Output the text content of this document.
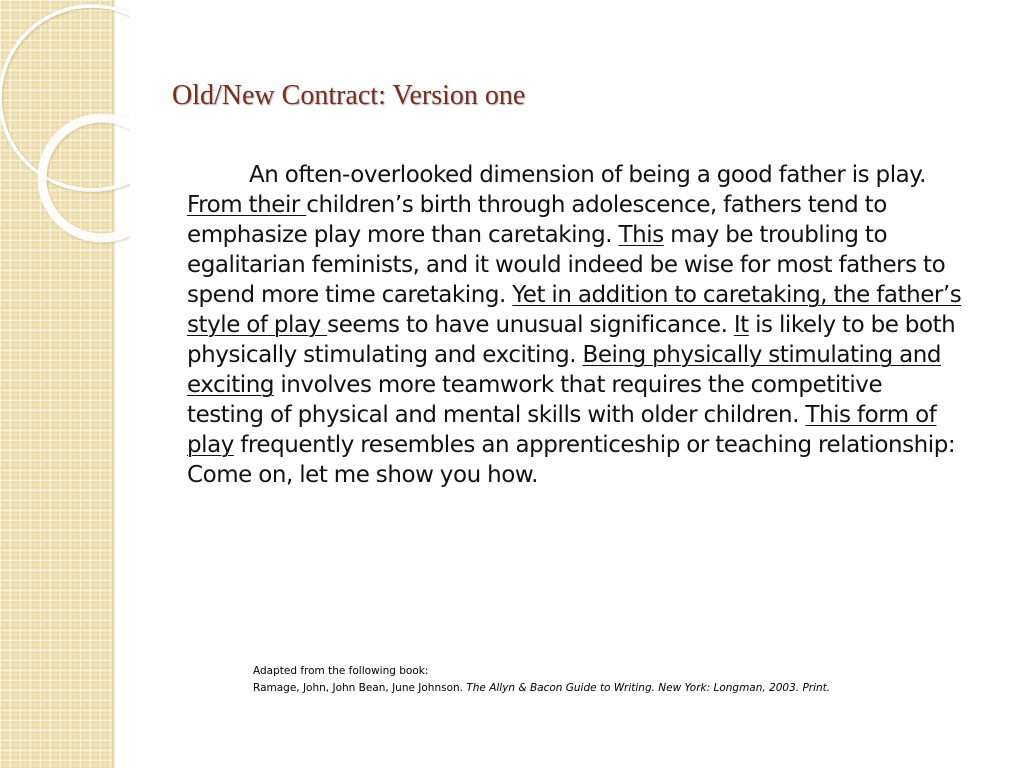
Old/New Contract: Version one

An often-overlooked dimension of being a good father is play. From their children’s birth through adolescence, fathers tend to emphasize play more than caretaking. This may be troubling to egalitarian feminists, and it would indeed be wise for most fathers to spend more time caretaking. Yet in addition to caretaking, the father’s style of play seems to have unusual significance. It is likely to be both physically stimulating and exciting. Being physically stimulating and exciting involves more teamwork that requires the competitive testing of physical and mental skills with older children. This form of play frequently resembles an apprenticeship or teaching relationship: Come on, let me show you how.

Adapted from the following book:

Ramage, John, John Bean, June Johnson. The Allyn & Bacon Guide to Writing. New York: Longman, 2003. Print.
